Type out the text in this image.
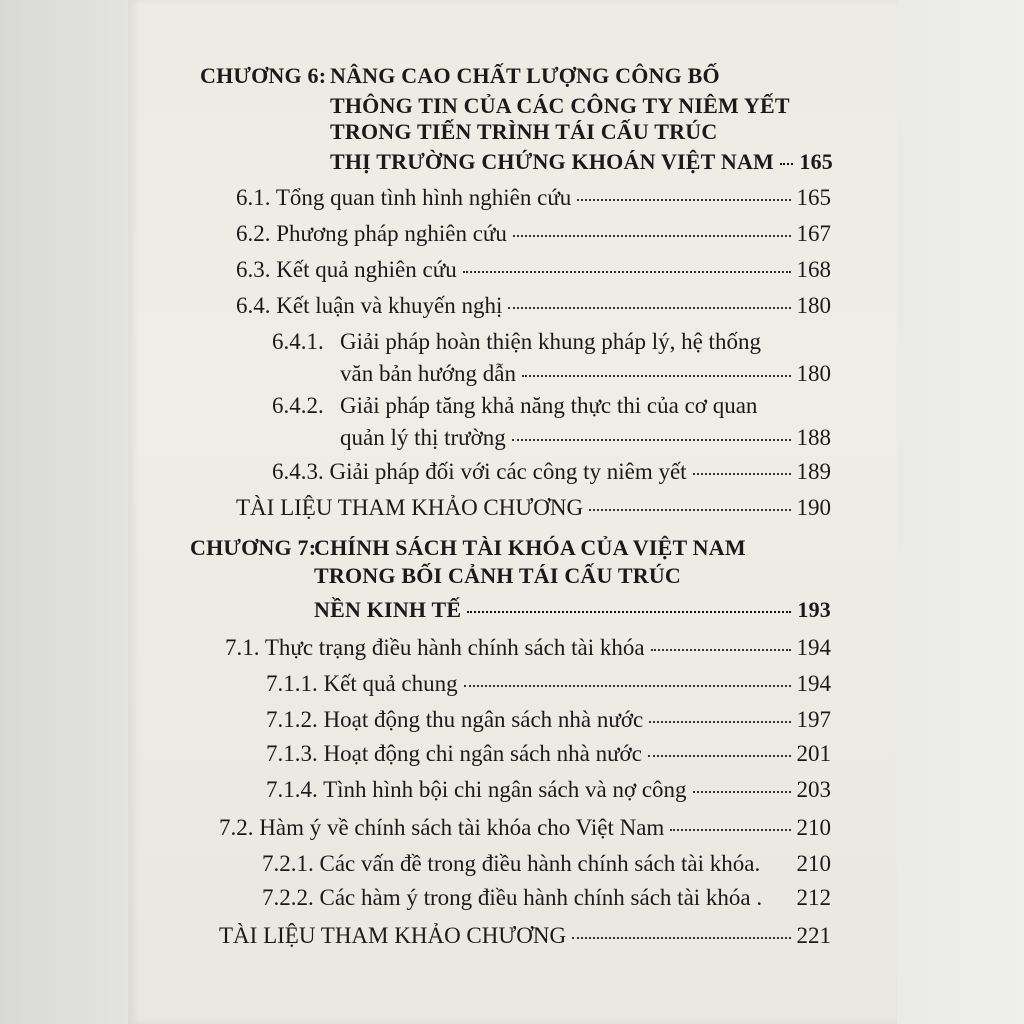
CHƯƠNG 6: NÂNG CAO CHẤT LƯỢNG CÔNG BỐ
THÔNG TIN CỦA CÁC CÔNG TY NIÊM YẾT
TRONG TIẾN TRÌNH TÁI CẤU TRÚC
THỊ TRƯỜNG CHỨNG KHOÁN VIỆT NAM 165
6.1. Tổng quan tình hình nghiên cứu	165
6.2. Phương pháp nghiên cứu	167
6.3. Kết quả nghiên cứu	168
6.4. Kết luận và khuyến nghị	180
6.4.1. Giải pháp hoàn thiện khung pháp lý, hệ thống
văn bản hướng dẫn	180
6.4.2. Giải pháp tăng khả năng thực thi của cơ quan
quản lý thị trường	188
6.4.3. Giải pháp đối với các công ty niêm yết	189
TÀI LIỆU THAM KHẢO CHƯƠNG	190
CHƯƠNG 7:
CHÍNH SÁCH TÀI KHÓA CỦA VIỆT NAM
TRONG BỐI CẢNH TÁI CẤU TRÚC
NỀN KINH TẾ	193
7.1. Thực trạng điều hành chính sách tài khóa	194
7.1.1. Kết quả chung	194
7.1.2. Hoạt động thu ngân sách nhà nước	197
7.1.3. Hoạt động chi ngân sách nhà nước	201
7.1.4. Tình hình bội chi ngân sách và nợ công	203
7.2. Hàm ý về chính sách tài khóa cho Việt Nam	210
7.2.1. Các vấn đề trong điều hành chính sách tài khóa. 210
7.2.2. Các hàm ý trong điều hành chính sách tài khóa . 212
TÀI LIỆU THAM KHẢO CHƯƠNG	221
